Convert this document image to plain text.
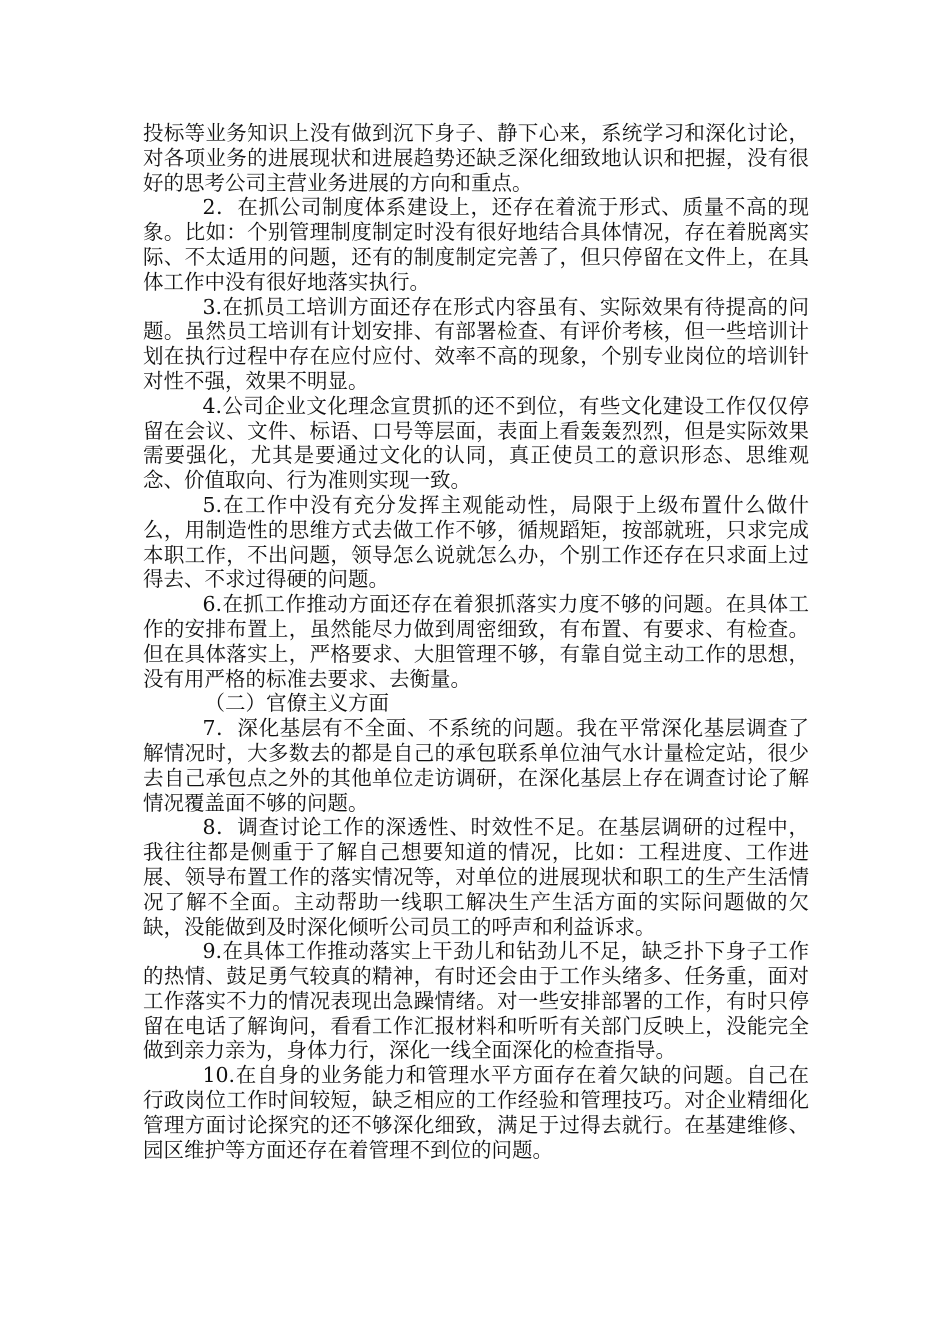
投标等业务知识上没有做到沉下身子、静下心来，系统学习和深化讨论，对各项业务的进展现状和进展趋势还缺乏深化细致地认识和把握，没有很好的思考公司主营业务进展的方向和重点。

2．在抓公司制度体系建设上，还存在着流于形式、质量不高的现象。比如：个别管理制度制定时没有很好地结合具体情况，存在着脱离实际、不太适用的问题，还有的制度制定完善了，但只停留在文件上，在具体工作中没有很好地落实执行。

3.在抓员工培训方面还存在形式内容虽有、实际效果有待提高的问题。虽然员工培训有计划安排、有部署检查、有评价考核，但一些培训计划在执行过程中存在应付应付、效率不高的现象，个别专业岗位的培训针对性不强，效果不明显。

4.公司企业文化理念宣贯抓的还不到位，有些文化建设工作仅仅停留在会议、文件、标语、口号等层面，表面上看轰轰烈烈，但是实际效果需要强化，尤其是要通过文化的认同，真正使员工的意识形态、思维观念、价值取向、行为准则实现一致。

5.在工作中没有充分发挥主观能动性，局限于上级布置什么做什么，用制造性的思维方式去做工作不够，循规蹈矩，按部就班，只求完成本职工作，不出问题，领导怎么说就怎么办，个别工作还存在只求面上过得去、不求过得硬的问题。

6.在抓工作推动方面还存在着狠抓落实力度不够的问题。在具体工作的安排布置上，虽然能尽力做到周密细致，有布置、有要求、有检查。但在具体落实上，严格要求、大胆管理不够，有靠自觉主动工作的思想，没有用严格的标准去要求、去衡量。

（二）官僚主义方面

7．深化基层有不全面、不系统的问题。我在平常深化基层调查了解情况时，大多数去的都是自己的承包联系单位油气水计量检定站，很少去自己承包点之外的其他单位走访调研，在深化基层上存在调查讨论了解情况覆盖面不够的问题。

8．调查讨论工作的深透性、时效性不足。在基层调研的过程中，我往往都是侧重于了解自己想要知道的情况，比如：工程进度、工作进展、领导布置工作的落实情况等，对单位的进展现状和职工的生产生活情况了解不全面。主动帮助一线职工解决生产生活方面的实际问题做的欠缺，没能做到及时深化倾听公司员工的呼声和利益诉求。

9.在具体工作推动落实上干劲儿和钻劲儿不足，缺乏扑下身子工作的热情、鼓足勇气较真的精神，有时还会由于工作头绪多、任务重，面对工作落实不力的情况表现出急躁情绪。对一些安排部署的工作，有时只停留在电话了解询问，看看工作汇报材料和听听有关部门反映上，没能完全做到亲力亲为，身体力行，深化一线全面深化的检查指导。

10.在自身的业务能力和管理水平方面存在着欠缺的问题。自己在行政岗位工作时间较短，缺乏相应的工作经验和管理技巧。对企业精细化管理方面讨论探究的还不够深化细致，满足于过得去就行。在基建维修、园区维护等方面还存在着管理不到位的问题。
